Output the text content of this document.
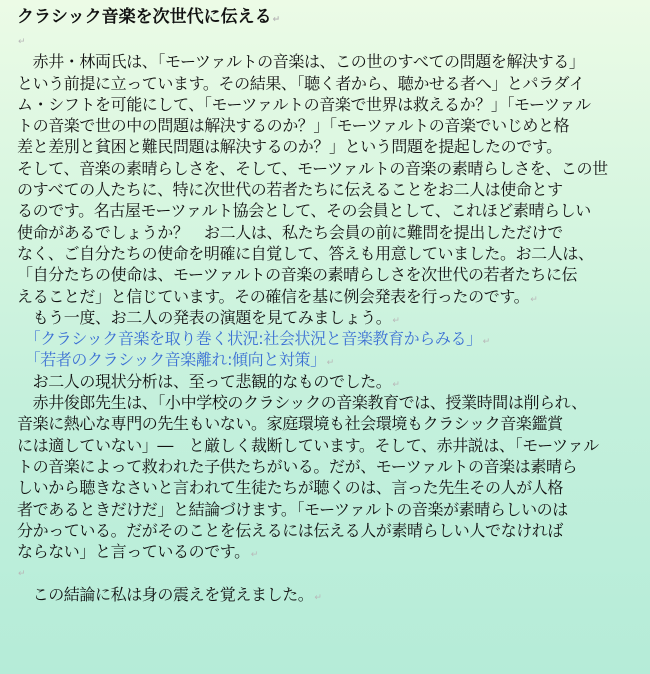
クラシック音楽を次世代に伝える↵
↵
　赤井・林両氏は、「モーツァルトの音楽は、この世のすべての問題を解決する」
という前提に立っています。その結果、「聴く者から、聴かせる者へ」とパラダイ
ム・シフトを可能にして、「モーツァルトの音楽で世界は救えるか？」「モーツァル
トの音楽で世の中の問題は解決するのか？」「モーツァルトの音楽でいじめと格
差と差別と貧困と難民問題は解決するのか？」という問題を提起したのです。
そして、音楽の素晴らしさを、そして、モーツァルトの音楽の素晴らしさを、この世
のすべての人たちに、特に次世代の若者たちに伝えることをお二人は使命とす
るのです。名古屋モーツァルト協会として、その会員として、これほど素晴らしい
使命があるでしょうか？　お二人は、私たち会員の前に難問を提出しただけで
なく、ご自分たちの使命を明確に自覚して、答えも用意していました。お二人は、
「自分たちの使命は、モーツァルトの音楽の素晴らしさを次世代の若者たちに伝
えることだ」と信じています。その確信を基に例会発表を行ったのです。↵
　もう一度、お二人の発表の演題を見てみましょう。↵
　「クラシック音楽を取り巻く状況:社会状況と音楽教育からみる」↵
　「若者のクラシック音楽離れ:傾向と対策」↵
　お二人の現状分析は、至って悲観的なものでした。↵
　赤井俊郎先生は、「小中学校のクラシックの音楽教育では、授業時間は削られ、
音楽に熱心な専門の先生もいない。家庭環境も社会環境もクラシック音楽鑑賞
には適していない」―　と厳しく裁断しています。そして、赤井説は、「モーツァル
トの音楽によって救われた子供たちがいる。だが、モーツァルトの音楽は素晴ら
しいから聴きなさいと言われて生徒たちが聴くのは、言った先生その人が人格
者であるときだけだ」と結論づけます。「モーツァルトの音楽が素晴らしいのは
分かっている。だがそのことを伝えるには伝える人が素晴らしい人でなければ
ならない」と言っているのです。↵
↵
　この結論に私は身の震えを覚えました。↵
